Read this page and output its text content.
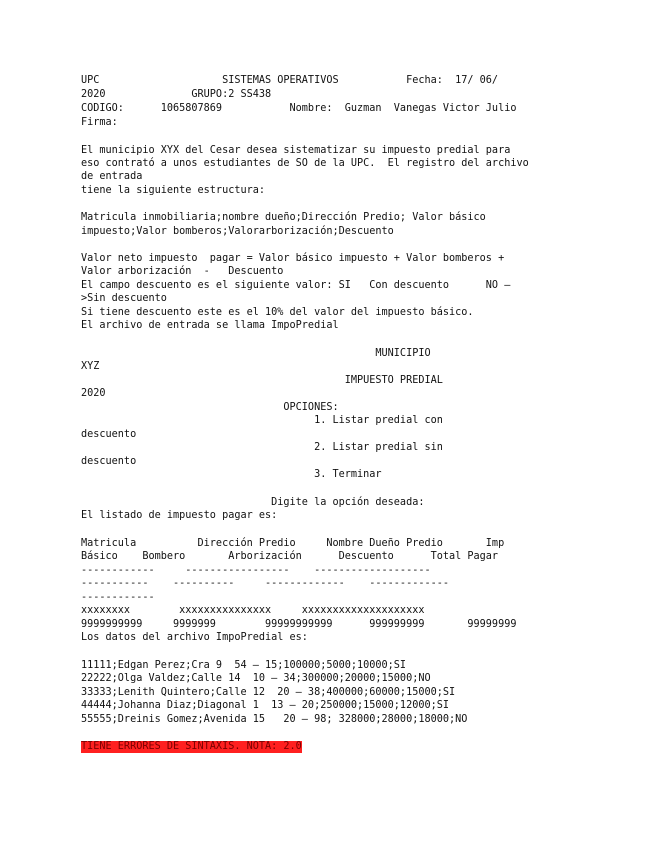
UPC                    SISTEMAS OPERATIVOS           Fecha:  17/ 06/
2020              GRUPO:2 SS438
CODIGO:      1065807869           Nombre:  Guzman  Vanegas Victor Julio
Firma:
El municipio XYX del Cesar desea sistematizar su impuesto predial para
eso contrató a unos estudiantes de SO de la UPC.  El registro del archivo
de entrada
tiene la siguiente estructura:
Matricula inmobiliaria;nombre dueño;Dirección Predio; Valor básico
impuesto;Valor bomberos;Valorarborización;Descuento
Valor neto impuesto  pagar = Valor básico impuesto + Valor bomberos +
Valor arborización  -   Descuento
El campo descuento es el siguiente valor: SI   Con descuento      NO –
>Sin descuento
Si tiene descuento este es el 10% del valor del impuesto básico.
El archivo de entrada se llama ImpoPredial
MUNICIPIO
XYZ
IMPUESTO PREDIAL
2020
OPCIONES:
1. Listar predial con
descuento
2. Listar predial sin
descuento
3. Terminar
Digite la opción deseada:
El listado de impuesto pagar es:
Matricula          Dirección Predio     Nombre Dueño Predio       Imp
Básico    Bombero       Arborización      Descuento      Total Pagar
------------     -----------------    -------------------
-----------    ----------     -------------    -------------
------------
xxxxxxxx        xxxxxxxxxxxxxxx     xxxxxxxxxxxxxxxxxxxx
9999999999     9999999        99999999999      999999999       99999999
Los datos del archivo ImpoPredial es:
11111;Edgan Perez;Cra 9  54 – 15;100000;5000;10000;SI
22222;Olga Valdez;Calle 14  10 – 34;300000;20000;15000;NO
33333;Lenith Quintero;Calle 12  20 – 38;400000;60000;15000;SI
44444;Johanna Diaz;Diagonal 1  13 – 20;250000;15000;12000;SI
55555;Dreinis Gomez;Avenida 15   20 – 98; 328000;28000;18000;NO
TIENE ERRORES DE SINTAXIS. NOTA: 2.0
